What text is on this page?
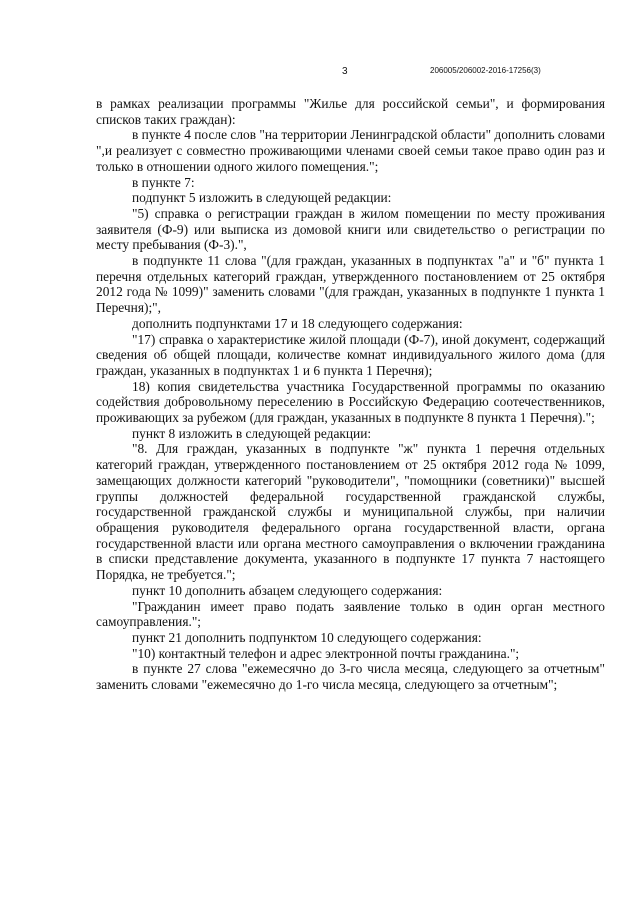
3	206005/206002-2016-17256(3)

в рамках реализации программы "Жилье для российской семьи", и формирования списков таких граждан):

в пункте 4 после слов "на территории Ленинградской области" дополнить словами ",и реализует с совместно проживающими членами своей семьи такое право один раз и только в отношении одного жилого помещения.";

в пункте 7:

подпункт 5 изложить в следующей редакции:

"5) справка о регистрации граждан в жилом помещении по месту проживания заявителя (Ф-9) или выписка из домовой книги или свидетельство о регистрации по месту пребывания (Ф-3).",

в подпункте 11 слова "(для граждан, указанных в подпунктах "а" и "б" пункта 1 перечня отдельных категорий граждан, утвержденного постановлением от 25 октября 2012 года № 1099)" заменить словами "(для граждан, указанных в подпункте 1 пункта 1 Перечня);",

дополнить подпунктами 17 и 18 следующего содержания:

"17) справка о характеристике жилой площади (Ф-7), иной документ, содержащий сведения об общей площади, количестве комнат индивидуального жилого дома (для граждан, указанных в подпунктах 1 и 6 пункта 1 Перечня);

18) копия свидетельства участника Государственной программы по оказанию содействия добровольному переселению в Российскую Федерацию соотечественников, проживающих за рубежом (для граждан, указанных в подпункте 8 пункта 1 Перечня).";

пункт 8 изложить в следующей редакции:

"8. Для граждан, указанных в подпункте "ж" пункта 1 перечня отдельных категорий граждан, утвержденного постановлением от 25 октября 2012 года № 1099, замещающих должности категорий "руководители", "помощники (советники)" высшей группы должностей федеральной государственной гражданской службы, государственной гражданской службы и муниципальной службы, при наличии обращения руководителя федерального органа государственной власти, органа государственной власти или органа местного самоуправления о включении гражданина в списки представление документа, указанного в подпункте 17 пункта 7 настоящего Порядка, не требуется.";

пункт 10 дополнить абзацем следующего содержания:

"Гражданин имеет право подать заявление только в один орган местного самоуправления.";

пункт 21 дополнить подпунктом 10 следующего содержания:

"10) контактный телефон и адрес электронной почты гражданина.";

в пункте 27 слова "ежемесячно до 3-го числа месяца, следующего за отчетным" заменить словами "ежемесячно до 1-го числа месяца, следующего за отчетным";
